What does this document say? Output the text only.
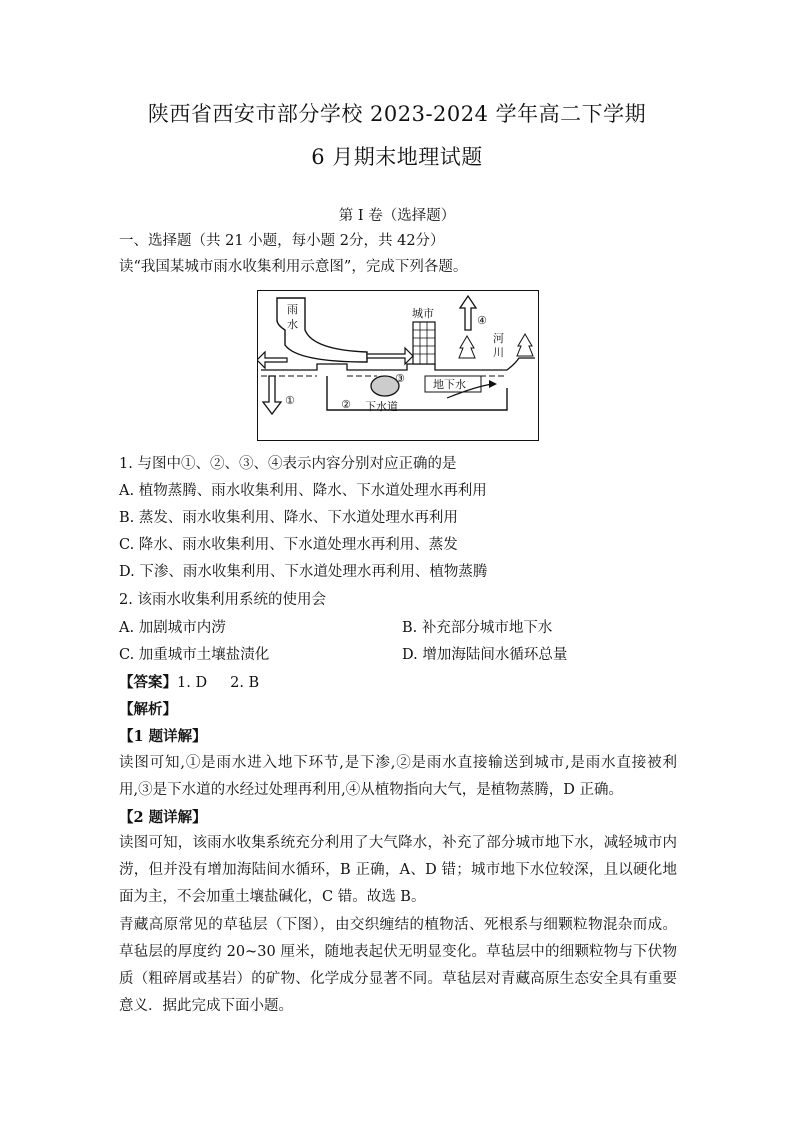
陕西省西安市部分学校 2023-2024 学年高二下学期
6 月期末地理试题
第 I 卷（选择题）
一、选择题（共 21 小题，每小题 2分，共 42分）
读“我国某城市雨水收集利用示意图”，完成下列各题。
雨
水
①	② 下水道
③	地下水
城市
④
河
川
1. 与图中①、②、③、④表示内容分别对应正确的是
A. 植物蒸腾、雨水收集利用、降水、下水道处理水再利用
B. 蒸发、雨水收集利用、降水、下水道处理水再利用
C. 降水、雨水收集利用、下水道处理水再利用、蒸发
D. 下渗、雨水收集利用、下水道处理水再利用、植物蒸腾
2. 该雨水收集利用系统的使用会
A. 加剧城市内涝	B. 补充部分城市地下水
C. 加重城市土壤盐渍化	D. 增加海陆间水循环总量
【答案】1. D     2. B
【解析】
【1 题详解】
读图可知,①是雨水进入地下环节,是下渗,②是雨水直接输送到城市,是雨水直接被利用,③是下水道的水经过处理再利用,④从植物指向大气，是植物蒸腾，D 正确。
【2 题详解】
读图可知，该雨水收集系统充分利用了大气降水，补充了部分城市地下水，减轻城市内涝，但并没有增加海陆间水循环，B 正确，A、D 错；城市地下水位较深，且以硬化地面为主，不会加重土壤盐碱化，C 错。故选 B。
青藏高原常见的草毡层（下图），由交织缠结的植物活、死根系与细颗粒物混杂而成。草毡层的厚度约 20~30 厘米，随地表起伏无明显变化。草毡层中的细颗粒物与下伏物质（粗碎屑或基岩）的矿物、化学成分显著不同。草毡层对青藏高原生态安全具有重要意义．据此完成下面小题。
